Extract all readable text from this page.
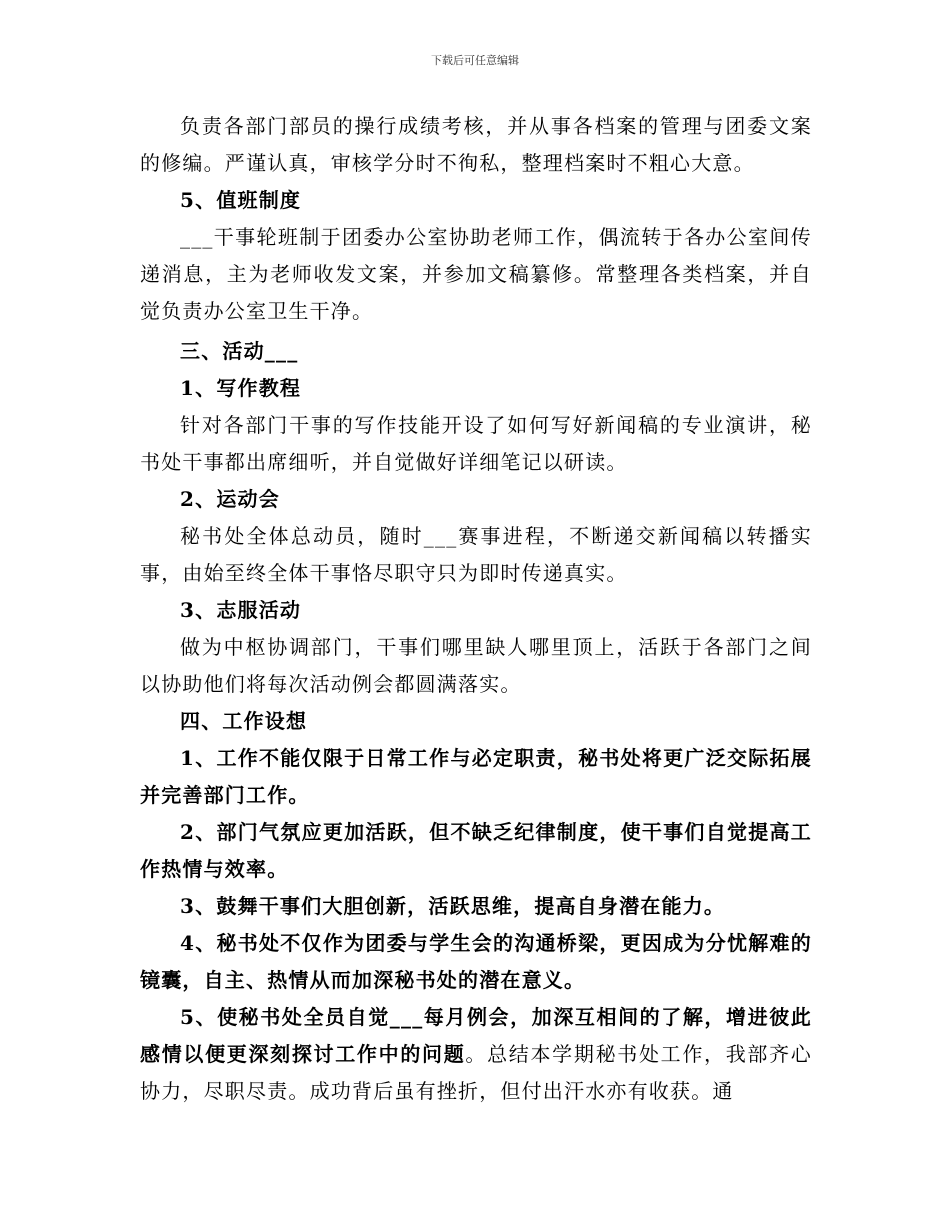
下载后可任意编辑

负责各部门部员的操行成绩考核，并从事各档案的管理与团委文案的修编。严谨认真，审核学分时不徇私，整理档案时不粗心大意。

5、值班制度

___干事轮班制于团委办公室协助老师工作，偶流转于各办公室间传递消息，主为老师收发文案，并参加文稿纂修。常整理各类档案，并自觉负责办公室卫生干净。

三、活动___

1、写作教程

针对各部门干事的写作技能开设了如何写好新闻稿的专业演讲，秘书处干事都出席细听，并自觉做好详细笔记以研读。

2、运动会

秘书处全体总动员，随时___赛事进程，不断递交新闻稿以转播实事，由始至终全体干事恪尽职守只为即时传递真实。

3、志服活动

做为中枢协调部门，干事们哪里缺人哪里顶上，活跃于各部门之间以协助他们将每次活动例会都圆满落实。

四、工作设想

1、工作不能仅限于日常工作与必定职责，秘书处将更广泛交际拓展并完善部门工作。

2、部门气氛应更加活跃，但不缺乏纪律制度，使干事们自觉提高工作热情与效率。

3、鼓舞干事们大胆创新，活跃思维，提高自身潜在能力。

4、秘书处不仅作为团委与学生会的沟通桥梁，更因成为分忧解难的镜囊，自主、热情从而加深秘书处的潜在意义。

5、使秘书处全员自觉___每月例会，加深互相间的了解，增进彼此感情以便更深刻探讨工作中的问题。总结本学期秘书处工作，我部齐心协力，尽职尽责。成功背后虽有挫折，但付出汗水亦有收获。通
